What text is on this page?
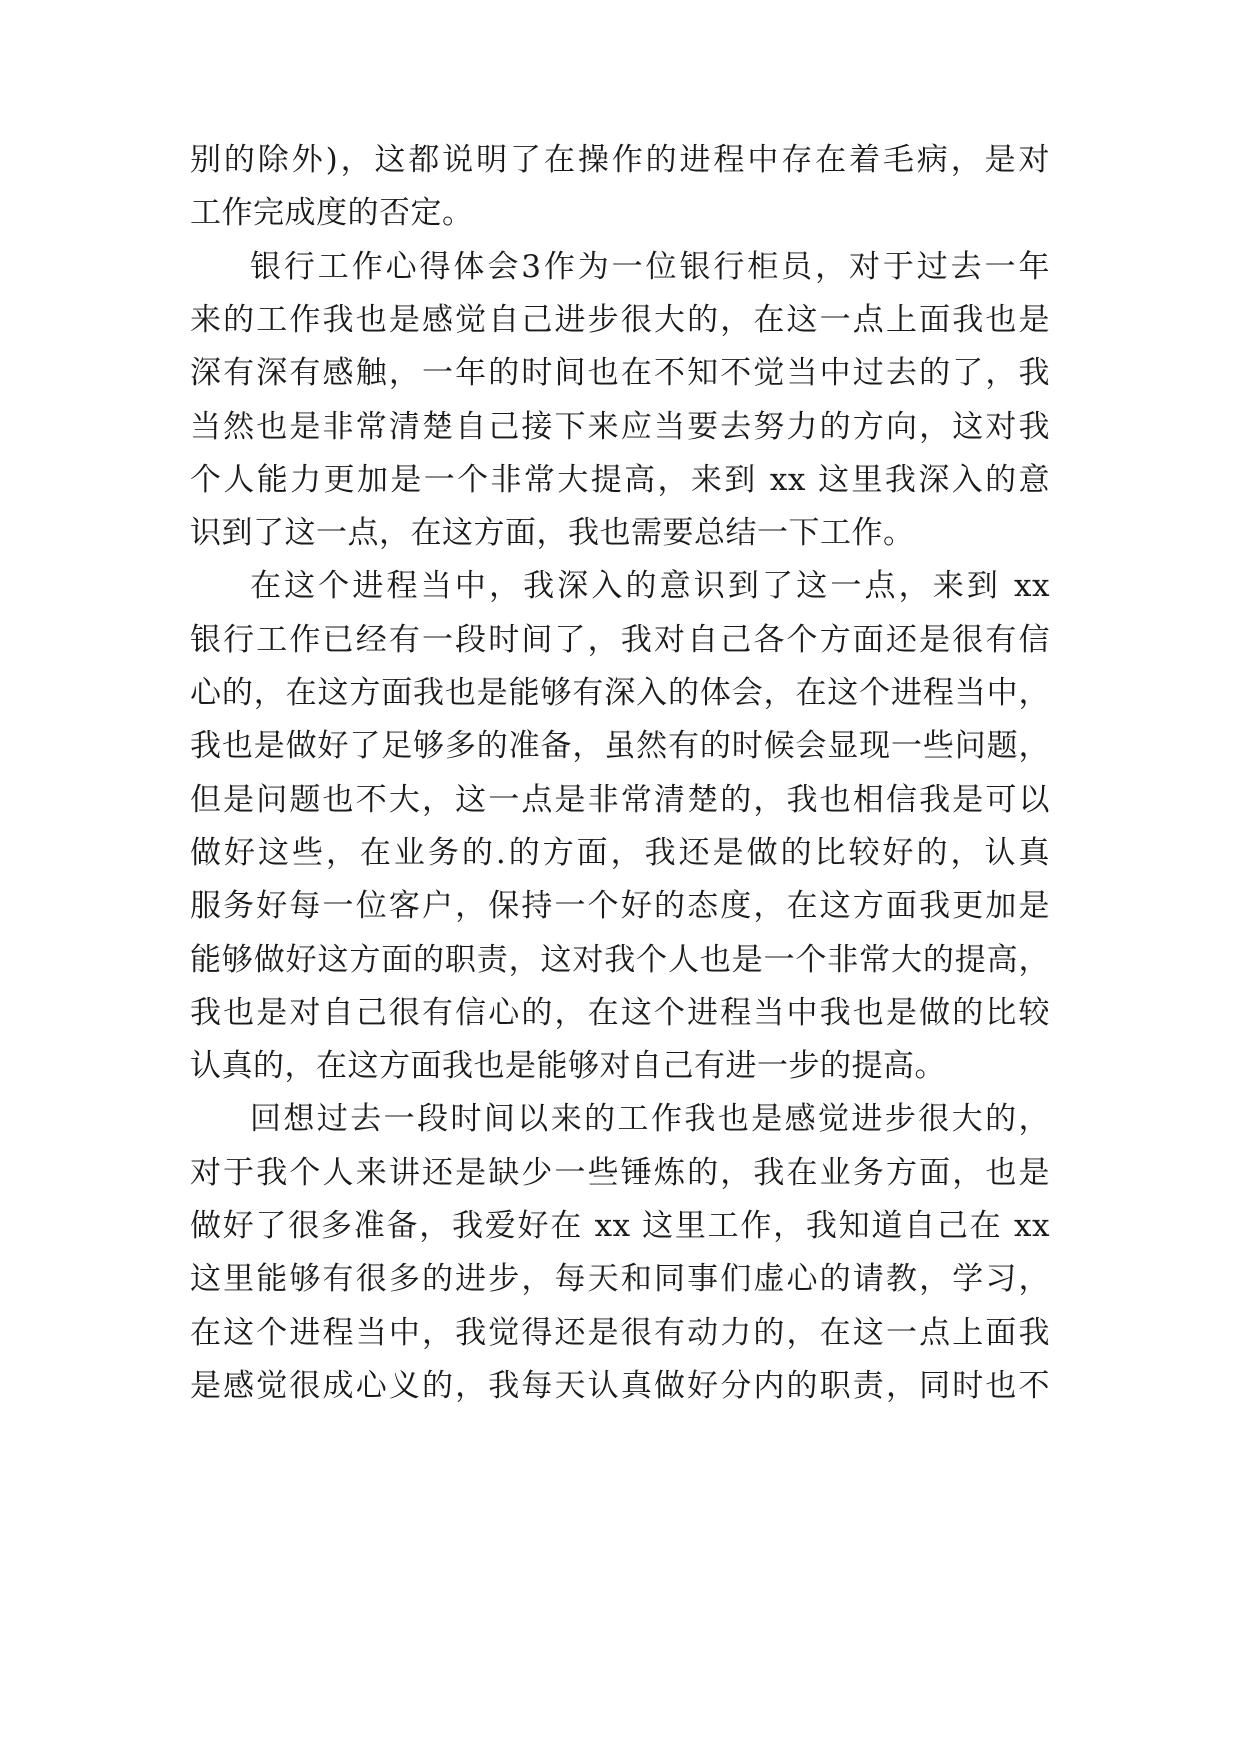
别的除外)，这都说明了在操作的进程中存在着毛病，是对
工作完成度的否定。
银行工作心得体会3作为一位银行柜员，对于过去一年
来的工作我也是感觉自己进步很大的，在这一点上面我也是
深有深有感触，一年的时间也在不知不觉当中过去的了，我
当然也是非常清楚自己接下来应当要去努力的方向，这对我
个人能力更加是一个非常大提高，来到 xx 这里我深入的意
识到了这一点，在这方面，我也需要总结一下工作。
在这个进程当中，我深入的意识到了这一点，来到 xx
银行工作已经有一段时间了，我对自己各个方面还是很有信
心的，在这方面我也是能够有深入的体会，在这个进程当中，
我也是做好了足够多的准备，虽然有的时候会显现一些问题，
但是问题也不大，这一点是非常清楚的，我也相信我是可以
做好这些，在业务的.的方面，我还是做的比较好的，认真
服务好每一位客户，保持一个好的态度，在这方面我更加是
能够做好这方面的职责，这对我个人也是一个非常大的提高，
我也是对自己很有信心的，在这个进程当中我也是做的比较
认真的，在这方面我也是能够对自己有进一步的提高。
回想过去一段时间以来的工作我也是感觉进步很大的，
对于我个人来讲还是缺少一些锤炼的，我在业务方面，也是
做好了很多准备，我爱好在 xx 这里工作，我知道自己在 xx
这里能够有很多的进步，每天和同事们虚心的请教，学习，
在这个进程当中，我觉得还是很有动力的，在这一点上面我
是感觉很成心义的，我每天认真做好分内的职责，同时也不
